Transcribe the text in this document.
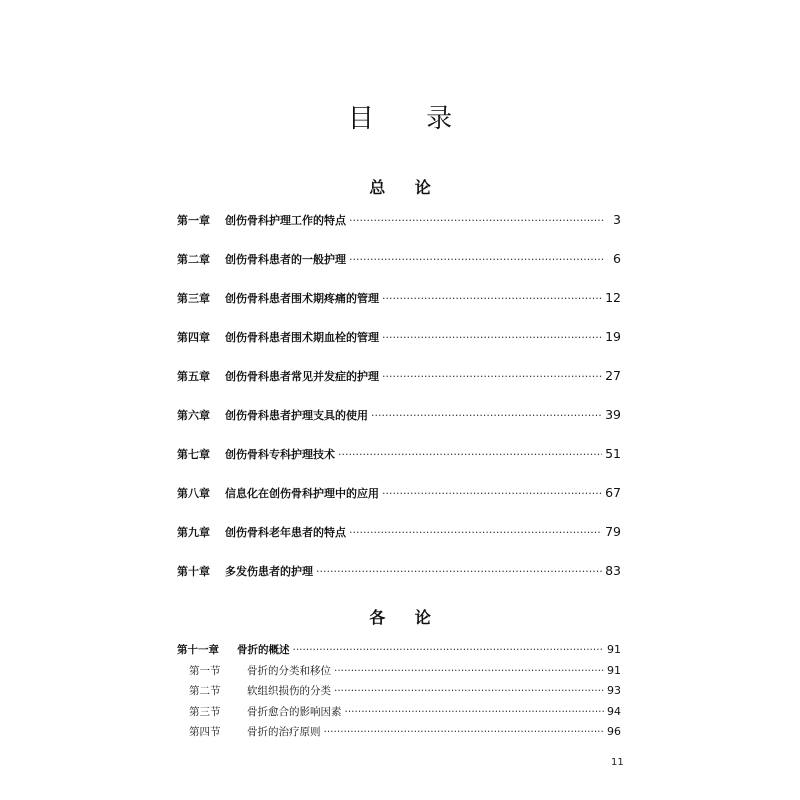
目 录
总 论
第一章	创伤骨科护理工作的特点 ·····	3
第二章	创伤骨科患者的一般护理 ·····	6
第三章	创伤骨科患者围术期疼痛的管理 ·····	12
第四章	创伤骨科患者围术期血栓的管理 ·····	19
第五章	创伤骨科患者常见并发症的护理 ·····	27
第六章	创伤骨科患者护理支具的使用 ·····	39
第七章	创伤骨科专科护理技术 ·····	51
第八章	信息化在创伤骨科护理中的应用 ·····	67
第九章	创伤骨科老年患者的特点 ·····	79
第十章	多发伤患者的护理 ·····	83
各 论
第十一章	骨折的概述 ·····	91
第一节	骨折的分类和移位 ·····	91
第二节	软组织损伤的分类 ·····	93
第三节	骨折愈合的影响因素 ·····	94
第四节	骨折的治疗原则 ·····	96
11
